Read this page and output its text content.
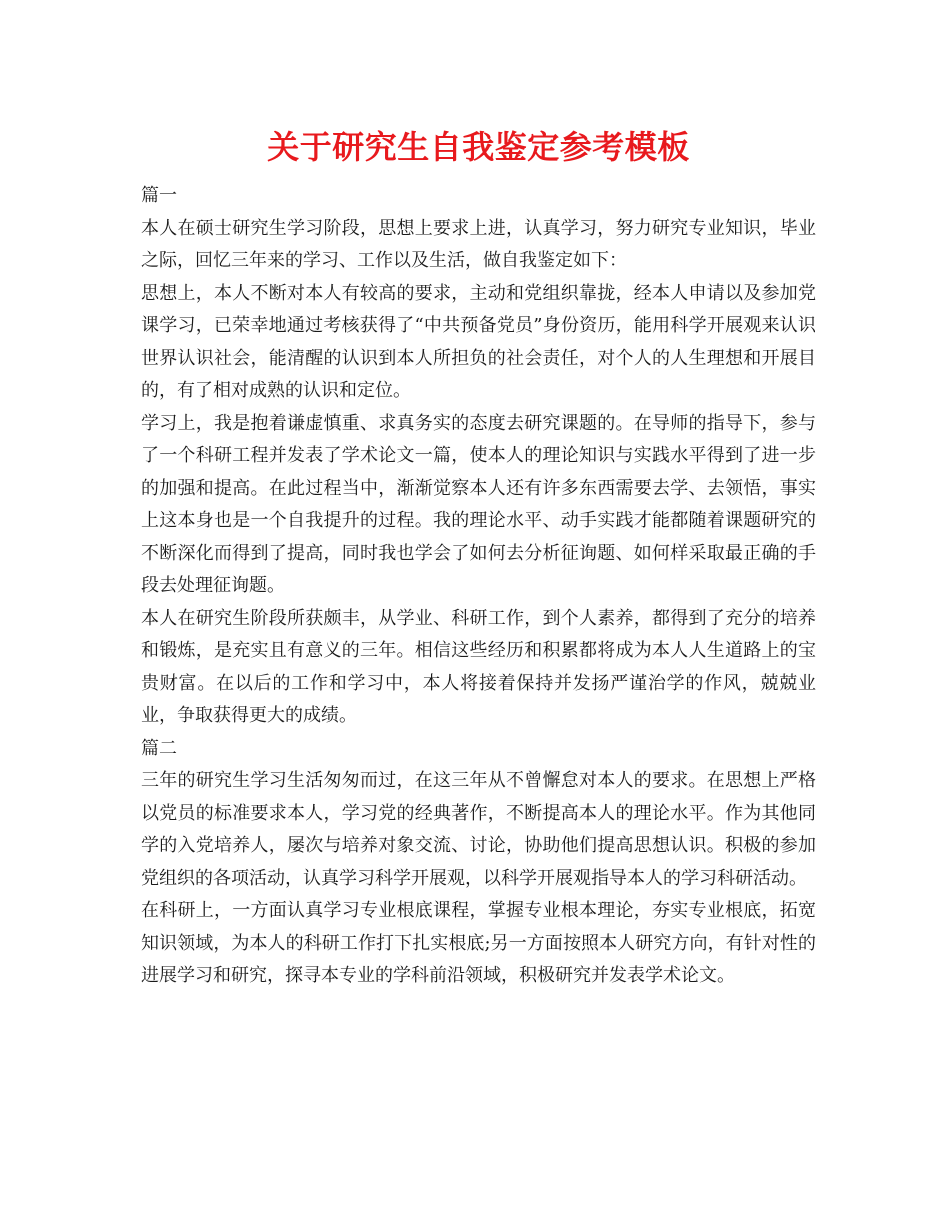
关于研究生自我鉴定参考模板

篇一

本人在硕士研究生学习阶段，思想上要求上进，认真学习，努力研究专业知识，毕业之际，回忆三年来的学习、工作以及生活，做自我鉴定如下：

思想上，本人不断对本人有较高的要求，主动和党组织靠拢，经本人申请以及参加党课学习，已荣幸地通过考核获得了“中共预备党员”身份资历，能用科学开展观来认识世界认识社会，能清醒的认识到本人所担负的社会责任，对个人的人生理想和开展目的，有了相对成熟的认识和定位。

学习上，我是抱着谦虚慎重、求真务实的态度去研究课题的。在导师的指导下，参与了一个科研工程并发表了学术论文一篇，使本人的理论知识与实践水平得到了进一步的加强和提高。在此过程当中，渐渐觉察本人还有许多东西需要去学、去领悟，事实上这本身也是一个自我提升的过程。我的理论水平、动手实践才能都随着课题研究的不断深化而得到了提高，同时我也学会了如何去分析征询题、如何样采取最正确的手段去处理征询题。

本人在研究生阶段所获颇丰，从学业、科研工作，到个人素养，都得到了充分的培养和锻炼，是充实且有意义的三年。相信这些经历和积累都将成为本人人生道路上的宝贵财富。在以后的工作和学习中，本人将接着保持并发扬严谨治学的作风，兢兢业业，争取获得更大的成绩。

篇二

三年的研究生学习生活匆匆而过，在这三年从不曾懈怠对本人的要求。在思想上严格以党员的标准要求本人，学习党的经典著作，不断提高本人的理论水平。作为其他同学的入党培养人，屡次与培养对象交流、讨论，协助他们提高思想认识。积极的参加党组织的各项活动，认真学习科学开展观，以科学开展观指导本人的学习科研活动。

在科研上，一方面认真学习专业根底课程，掌握专业根本理论，夯实专业根底，拓宽知识领域，为本人的科研工作打下扎实根底;另一方面按照本人研究方向，有针对性的进展学习和研究，探寻本专业的学科前沿领域，积极研究并发表学术论文。
